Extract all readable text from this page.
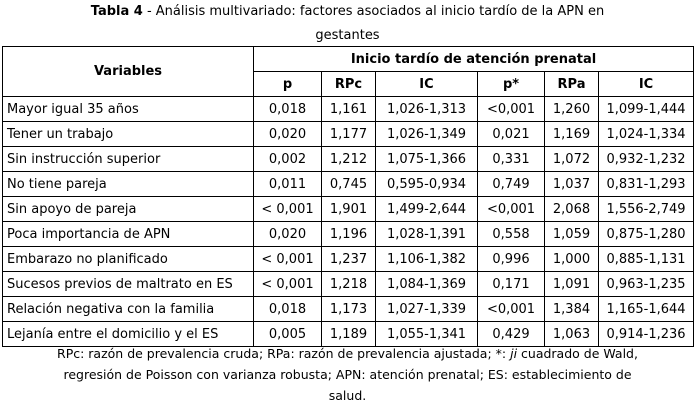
Tabla 4 - Análisis multivariado: factores asociados al inicio tardío de la APN en
gestantes
Variables	Inicio tardío de atención prenatal					
	p	RPc	IC	p*	RPa	IC
Mayor igual 35 años	0,018	1,161	1,026-1,313	<0,001	1,260	1,099-1,444
Tener un trabajo	0,020	1,177	1,026-1,349	0,021	1,169	1,024-1,334
Sin instrucción superior	0,002	1,212	1,075-1,366	0,331	1,072	0,932-1,232
No tiene pareja	0,011	0,745	0,595-0,934	0,749	1,037	0,831-1,293
Sin apoyo de pareja	< 0,001	1,901	1,499-2,644	<0,001	2,068	1,556-2,749
Poca importancia de APN	0,020	1,196	1,028-1,391	0,558	1,059	0,875-1,280
Embarazo no planificado	< 0,001	1,237	1,106-1,382	0,996	1,000	0,885-1,131
Sucesos previos de maltrato en ES	< 0,001	1,218	1,084-1,369	0,171	1,091	0,963-1,235
Relación negativa con la familia	0,018	1,173	1,027-1,339	<0,001	1,384	1,165-1,644
Lejanía entre el domicilio y el ES	0,005	1,189	1,055-1,341	0,429	1,063	0,914-1,236
RPc: razón de prevalencia cruda; RPa: razón de prevalencia ajustada; *: ji cuadrado de Wald,
regresión de Poisson con varianza robusta; APN: atención prenatal; ES: establecimiento de
salud.
